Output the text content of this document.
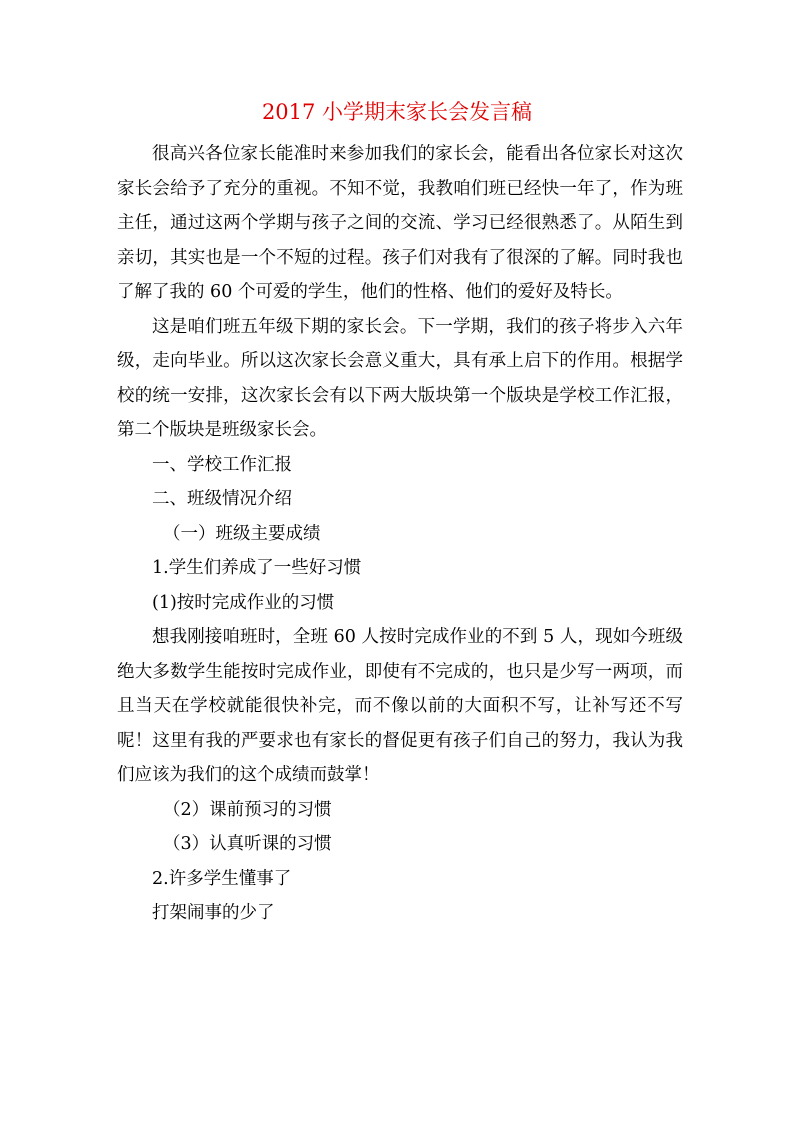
2017 小学期末家长会发言稿

很高兴各位家长能准时来参加我们的家长会，能看出各位家长对这次家长会给予了充分的重视。不知不觉，我教咱们班已经快一年了，作为班主任，通过这两个学期与孩子之间的交流、学习已经很熟悉了。从陌生到亲切，其实也是一个不短的过程。孩子们对我有了很深的了解。同时我也了解了我的 60 个可爱的学生，他们的性格、他们的爱好及特长。

这是咱们班五年级下期的家长会。下一学期，我们的孩子将步入六年级，走向毕业。所以这次家长会意义重大，具有承上启下的作用。根据学校的统一安排，这次家长会有以下两大版块第一个版块是学校工作汇报，第二个版块是班级家长会。

一、学校工作汇报

二、班级情况介绍

（一）班级主要成绩

1.学生们养成了一些好习惯

(1)按时完成作业的习惯

想我刚接咱班时，全班 60 人按时完成作业的不到 5 人，现如今班级绝大多数学生能按时完成作业，即使有不完成的，也只是少写一两项，而且当天在学校就能很快补完，而不像以前的大面积不写，让补写还不写呢！这里有我的严要求也有家长的督促更有孩子们自己的努力，我认为我们应该为我们的这个成绩而鼓掌！

（2）课前预习的习惯

（3）认真听课的习惯

2.许多学生懂事了

打架闹事的少了
